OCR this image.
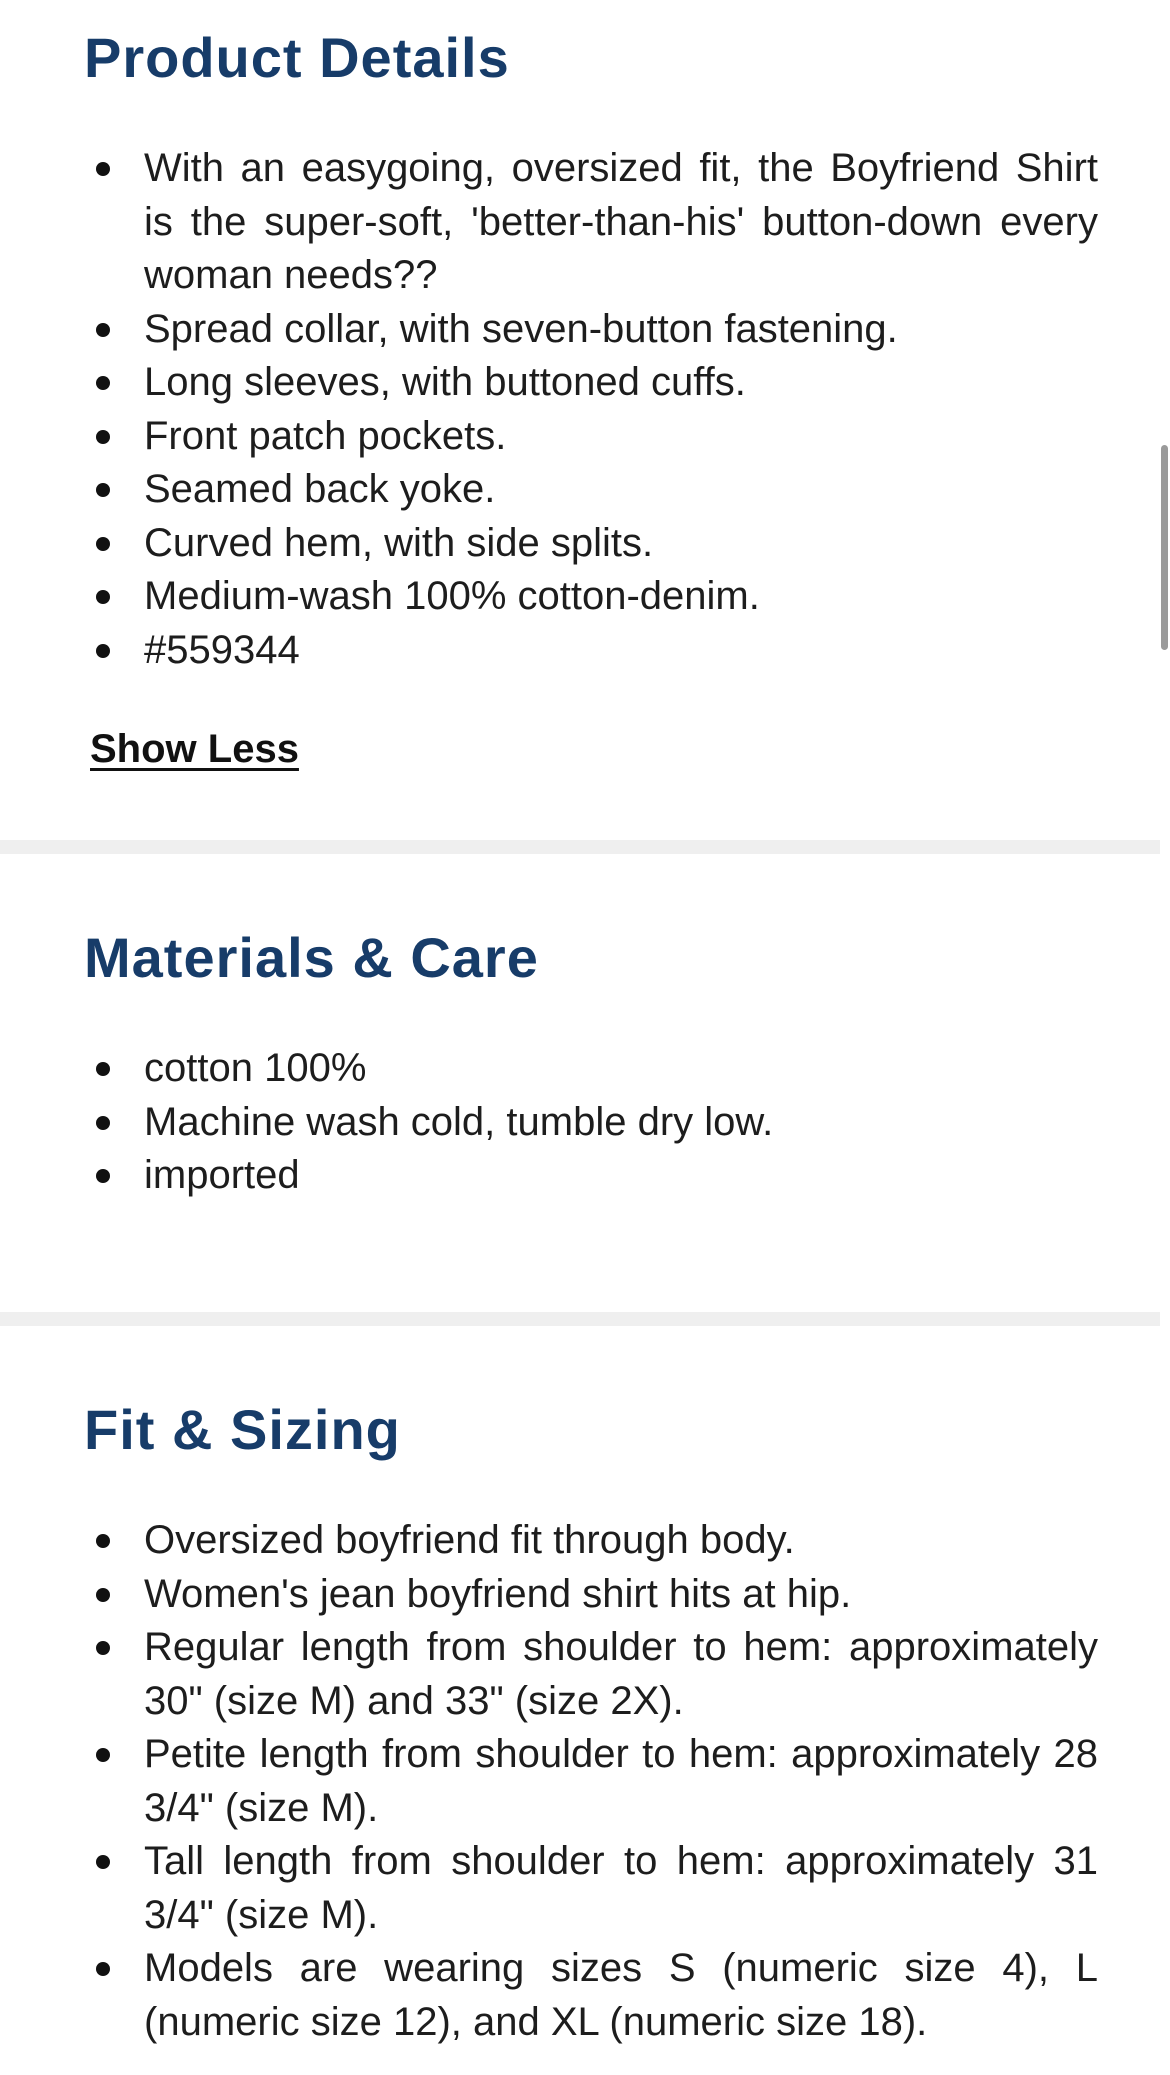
Product Details
With an easygoing, oversized fit, the Boyfriend Shirt is the super-soft, 'better-than-his' button-down every woman needs??
Spread collar, with seven-button fastening.
Long sleeves, with buttoned cuffs.
Front patch pockets.
Seamed back yoke.
Curved hem, with side splits.
Medium-wash 100% cotton-denim.
#559344
Show Less
Materials & Care
cotton 100%
Machine wash cold, tumble dry low.
imported
Fit & Sizing
Oversized boyfriend fit through body.
Women's jean boyfriend shirt hits at hip.
Regular length from shoulder to hem: approximately 30" (size M) and 33" (size 2X).
Petite length from shoulder to hem: approximately 28 3/4" (size M).
Tall length from shoulder to hem: approximately 31 3/4" (size M).
Models are wearing sizes S (numeric size 4), L (numeric size 12), and XL (numeric size 18).
